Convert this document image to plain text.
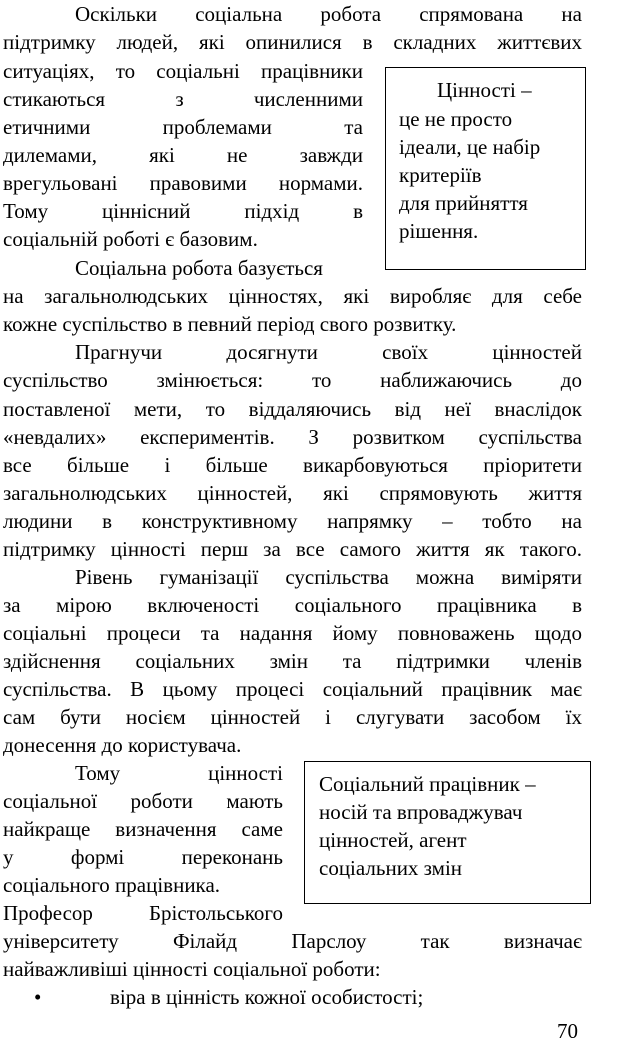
Оскільки соціальна робота спрямована на
підтримку людей, які опинилися в складних життєвих
ситуаціях, то соціальні працівники
стикаються з численними
етичними проблемами та
дилемами, які не завжди
врегульовані правовими нормами.
Тому ціннісний підхід в
соціальній роботі є базовим.
Соціальна робота базується
на загальнолюдських цінностях, які виробляє для себе
кожне суспільство в певний період свого розвитку.
Прагнучи досягнути своїх цінностей
суспільство змінюється: то наближаючись до
поставленої мети, то віддаляючись від неї внаслідок
«невдалих» експериментів. З розвитком суспільства
все більше і більше викарбовуються пріоритети
загальнолюдських цінностей, які спрямовують життя
людини в конструктивному напрямку – тобто на
підтримку цінності перш за все самого життя як такого.
Рівень гуманізації суспільства можна виміряти
за мірою включеності соціального працівника в
соціальні процеси та надання йому повноважень щодо
здійснення соціальних змін та підтримки членів
суспільства. В цьому процесі соціальний працівник має
сам бути носієм цінностей і слугувати засобом їх
донесення до користувача.
Тому цінності
соціальної роботи мають
найкраще визначення саме
у формі переконань
соціального працівника.
Професор Брістольського
університету Філайд Парслоу так визначає
найважливіші цінності соціальної роботи:
Цінності –
це не просто
ідеали, це набір
критеріїв
для прийняття
рішення.
Соціальний працівник –
носій та впроваджувач
цінностей, агент
соціальних змін
•	віра в цінність кожної особистості;
70
